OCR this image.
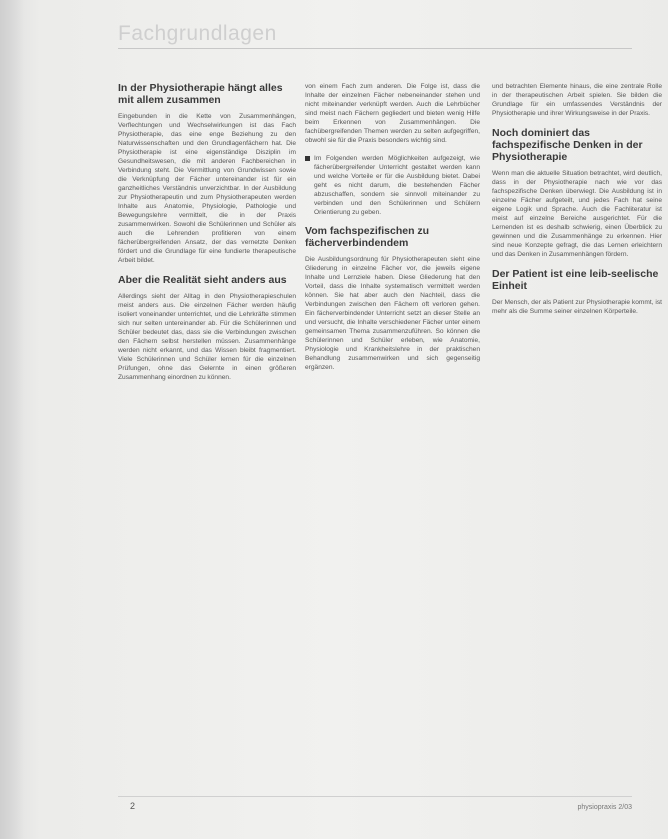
Fachgrundlagen
In der Physiotherapie hängt alles mit allem zusammen
Eingebunden in die Kette von Zusammenhängen, Verflechtungen und Wechselwirkungen ist das Fach Physiotherapie, das eine enge Beziehung zu den Naturwissenschaften und den Grundlagenfächern hat. Die Physiotherapie ist eine eigenständige Disziplin im Gesundheitswesen, die mit anderen Fachbereichen in Verbindung steht. Die Vermittlung von Grundwissen sowie die Verknüpfung der Fächer untereinander ist für ein ganzheitliches Verständnis unverzichtbar. In der Ausbildung zur Physiotherapeutin und zum Physiotherapeuten werden Inhalte aus Anatomie, Physiologie, Pathologie und Bewegungslehre vermittelt, die in der Praxis zusammenwirken. Sowohl die Schülerinnen und Schüler als auch die Lehrenden profitieren von einem fächerübergreifenden Ansatz, der das vernetzte Denken fördert und die Grundlage für eine fundierte therapeutische Arbeit bildet.
Aber die Realität sieht anders aus
Allerdings sieht der Alltag in den Physiotherapieschulen meist anders aus. Die einzelnen Fächer werden häufig isoliert voneinander unterrichtet, und die Lehrkräfte stimmen sich nur selten untereinander ab. Für die Schülerinnen und Schüler bedeutet das, dass sie die Verbindungen zwischen den Fächern selbst herstellen müssen. Zusammenhänge werden nicht erkannt, und das Wissen bleibt fragmentiert. Viele Schülerinnen und Schüler lernen für die einzelnen Prüfungen, ohne das Gelernte in einen größeren Zusammenhang einordnen zu können.
von einem Fach zum anderen. Die Folge ist, dass die Inhalte der einzelnen Fächer nebeneinander stehen und nicht miteinander verknüpft werden. Auch die Lehrbücher sind meist nach Fächern gegliedert und bieten wenig Hilfe beim Erkennen von Zusammenhängen. Die fachübergreifenden Themen werden zu selten aufgegriffen, obwohl sie für die Praxis besonders wichtig sind.
Im Folgenden werden Möglichkeiten aufgezeigt, wie fächerübergreifender Unterricht gestaltet werden kann und welche Vorteile er für die Ausbildung bietet. Dabei geht es nicht darum, die bestehenden Fächer abzuschaffen, sondern sie sinnvoll miteinander zu verbinden und den Schülerinnen und Schülern Orientierung zu geben.
Vom fachspezifischen zu fächerverbindendem
Die Ausbildungsordnung für Physiotherapeuten sieht eine Gliederung in einzelne Fächer vor, die jeweils eigene Inhalte und Lernziele haben. Diese Gliederung hat den Vorteil, dass die Inhalte systematisch vermittelt werden können. Sie hat aber auch den Nachteil, dass die Verbindungen zwischen den Fächern oft verloren gehen. Ein fächerverbindender Unterricht setzt an dieser Stelle an und versucht, die Inhalte verschiedener Fächer unter einem gemeinsamen Thema zusammenzuführen. So können die Schülerinnen und Schüler erleben, wie Anatomie, Physiologie und Krankheitslehre in der praktischen Behandlung zusammenwirken und sich gegenseitig ergänzen.
und betrachten Elemente hinaus, die eine zentrale Rolle in der therapeutischen Arbeit spielen. Sie bilden die Grundlage für ein umfassendes Verständnis der Physiotherapie und ihrer Wirkungsweise in der Praxis.
Noch dominiert das fachspezifische Denken in der Physiotherapie
Wenn man die aktuelle Situation betrachtet, wird deutlich, dass in der Physiotherapie nach wie vor das fachspezifische Denken überwiegt. Die Ausbildung ist in einzelne Fächer aufgeteilt, und jedes Fach hat seine eigene Logik und Sprache. Auch die Fachliteratur ist meist auf einzelne Bereiche ausgerichtet. Für die Lernenden ist es deshalb schwierig, einen Überblick zu gewinnen und die Zusammenhänge zu erkennen. Hier sind neue Konzepte gefragt, die das Lernen erleichtern und das Denken in Zusammenhängen fördern.
Der Patient ist eine leib-seelische Einheit
Der Mensch, der als Patient zur Physiotherapie kommt, ist mehr als die Summe seiner einzelnen Körperteile.
2	physiopraxis 2/03
